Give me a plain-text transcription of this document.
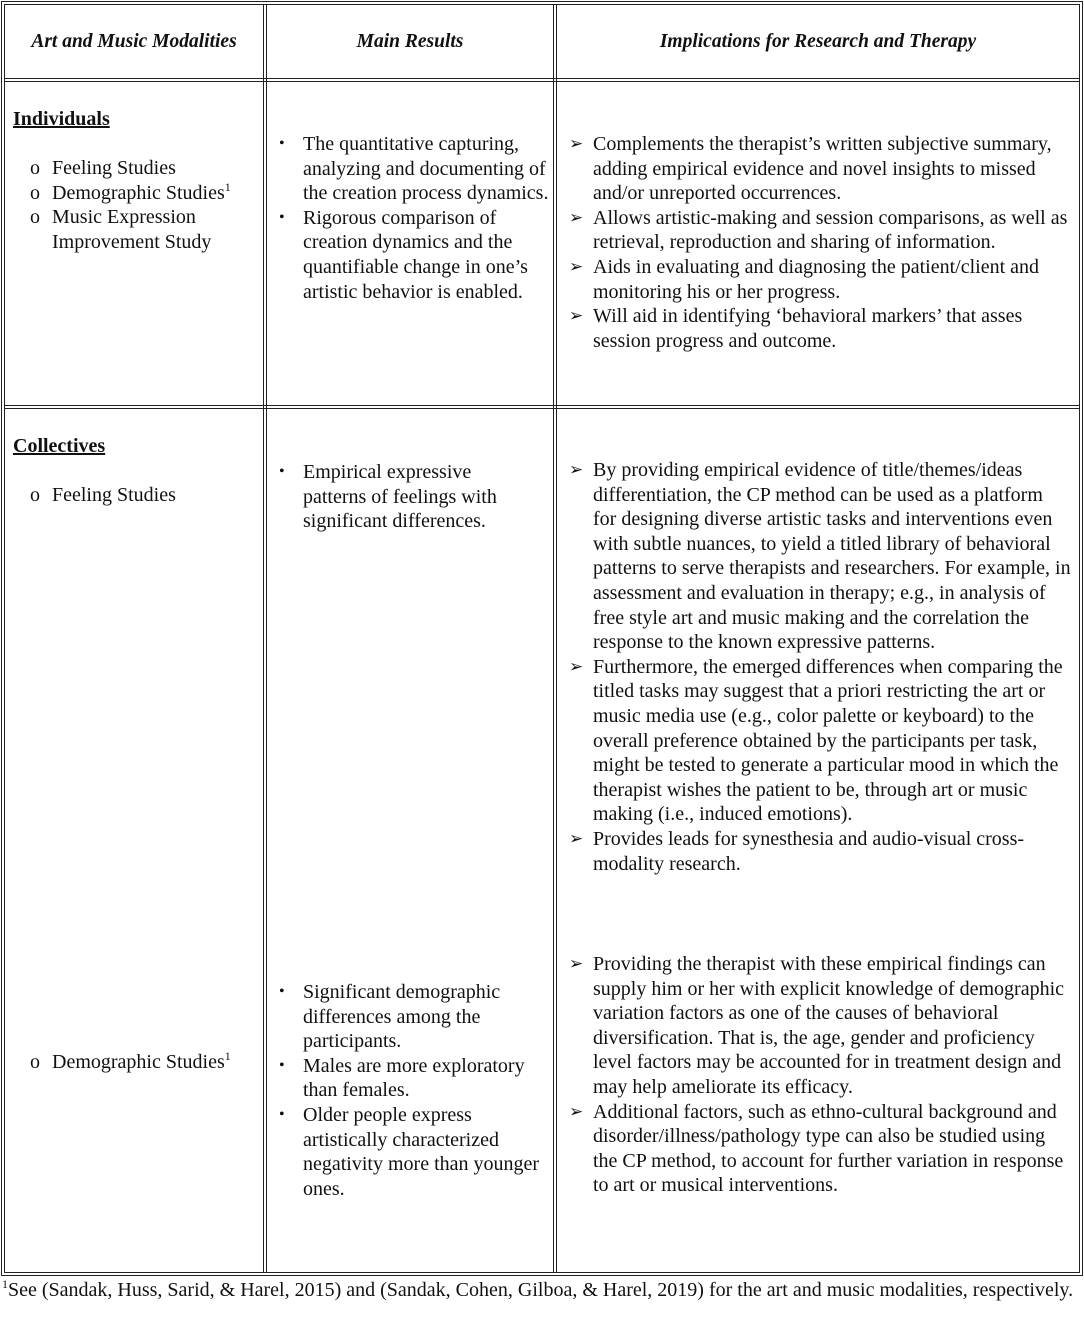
Art and Music Modalities	Main Results	Implications for Research and Therapy
Individuals
o Feeling Studies
o Demographic Studies$^1$
o Music Expression Improvement Study
• The quantitative capturing, analyzing and documenting of the creation process dynamics.
• Rigorous comparison of creation dynamics and the quantifiable change in one’s artistic behavior is enabled.
➢ Complements the therapist’s written subjective summary, adding empirical evidence and novel insights to missed and/or unreported occurrences.
➢ Allows artistic-making and session comparisons, as well as retrieval, reproduction and sharing of information.
➢ Aids in evaluating and diagnosing the patient/client and monitoring his or her progress.
➢ Will aid in identifying ‘behavioral markers’ that asses session progress and outcome.
Collectives
o Feeling Studies
• Empirical expressive patterns of feelings with significant differences.
➢ By providing empirical evidence of title/themes/ideas differentiation, the CP method can be used as a platform for designing diverse artistic tasks and interventions even with subtle nuances, to yield a titled library of behavioral patterns to serve therapists and researchers. For example, in assessment and evaluation in therapy; e.g., in analysis of free style art and music making and the correlation the response to the known expressive patterns.
➢ Furthermore, the emerged differences when comparing the titled tasks may suggest that a priori restricting the art or music media use (e.g., color palette or keyboard) to the overall preference obtained by the participants per task, might be tested to generate a particular mood in which the therapist wishes the patient to be, through art or music making (i.e., induced emotions).
➢ Provides leads for synesthesia and audio-visual cross-modality research.
o Demographic Studies$^1$
• Significant demographic differences among the participants.
• Males are more exploratory than females.
• Older people express artistically characterized negativity more than younger ones.
➢ Providing the therapist with these empirical findings can supply him or her with explicit knowledge of demographic variation factors as one of the causes of behavioral diversification. That is, the age, gender and proficiency level factors may be accounted for in treatment design and may help ameliorate its efficacy.
➢ Additional factors, such as ethno-cultural background and disorder/illness/pathology type can also be studied using the CP method, to account for further variation in response to art or musical interventions.
$^1$See (Sandak, Huss, Sarid, & Harel, 2015) and (Sandak, Cohen, Gilboa, & Harel, 2019) for the art and music modalities, respectively.
